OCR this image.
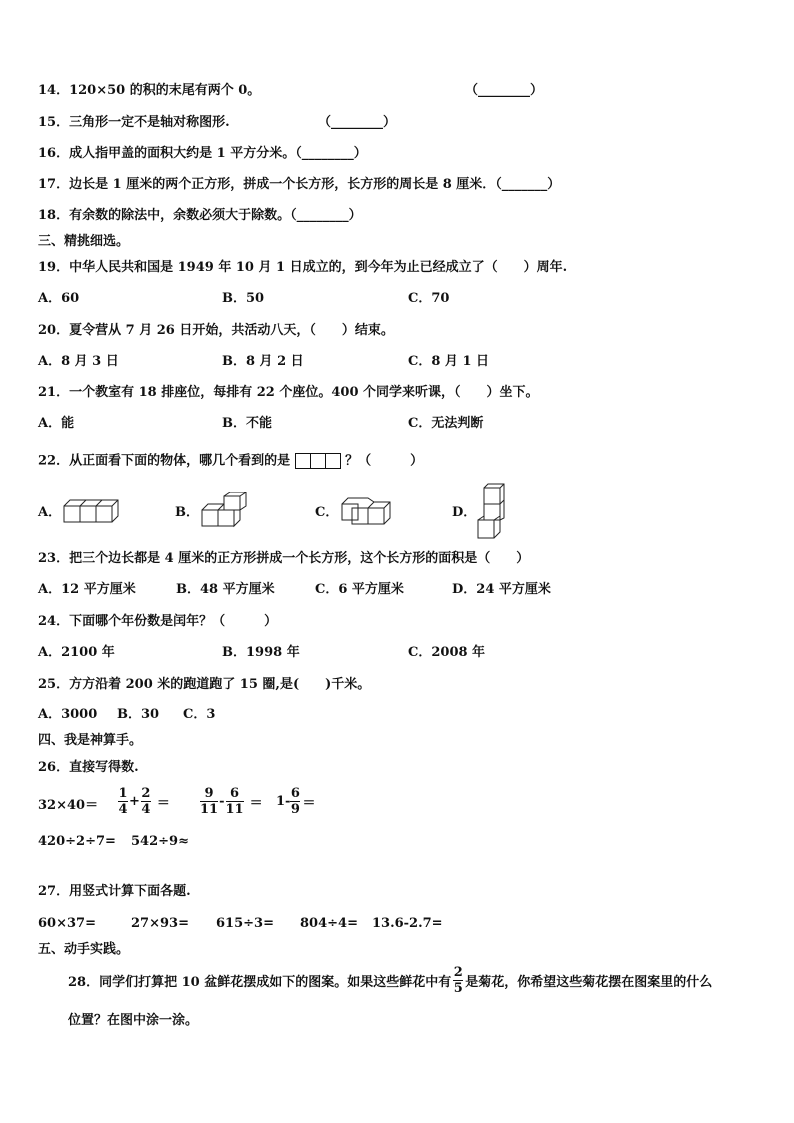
14．120×50 的积的末尾有两个 0。	（________）
15．三角形一定不是轴对称图形.	（________）
16．成人指甲盖的面积大约是 1 平方分米。（________）
17．边长是 1 厘米的两个正方形，拼成一个长方形，长方形的周长是 8 厘米．（_______）
18．有余数的除法中，余数必须大于除数。（________）
三、精挑细选。
19．中华人民共和国是 1949 年 10 月 1 日成立的，到今年为止已经成立了（　　）周年.
A．60	B．50	C．70
20．夏令营从 7 月 26 日开始，共活动八天，（　　）结束。
A．8 月 3 日	B．8 月 2 日	C．8 月 1 日
21．一个教室有 18 排座位，每排有 22 个座位。400 个同学来听课，（　　）坐下。
A．能	B．不能	C．无法判断
22．从正面看下面的物体，哪几个看到的是	？（　　　）
A．	B．	C．	D．
23．把三个边长都是 4 厘米的正方形拼成一个长方形，这个长方形的面积是（　　）
A．12 平方厘米	B．48 平方厘米	C．6 平方厘米	D．24 平方厘米
24．下面哪个年份数是闰年？（　　　）
A．2100 年	B．1998 年	C．2008 年
25．方方沿着 200 米的跑道跑了 15 圈,是(　　)千米。
A．3000 B．30 C．3
四、我是神算手。
26．直接写得数.
$32\times 40= \frac{1}{4} + \frac{2}{4} = \frac{9}{11} - \frac{6}{11} = 1- \frac{6}{9}$ ＝
420÷2÷7= 542÷9≈
27．用竖式计算下面各题.
60×37=	27×93= 615÷3= 804÷4= 13.6-2.7=
五、动手实践。
28．同学们打算把 10 盆鲜花摆成如下的图案。如果这些鲜花中有 $\frac{2}{5}$ 是菊花，你希望这些菊花摆在图案里的什么
位置？在图中涂一涂。
